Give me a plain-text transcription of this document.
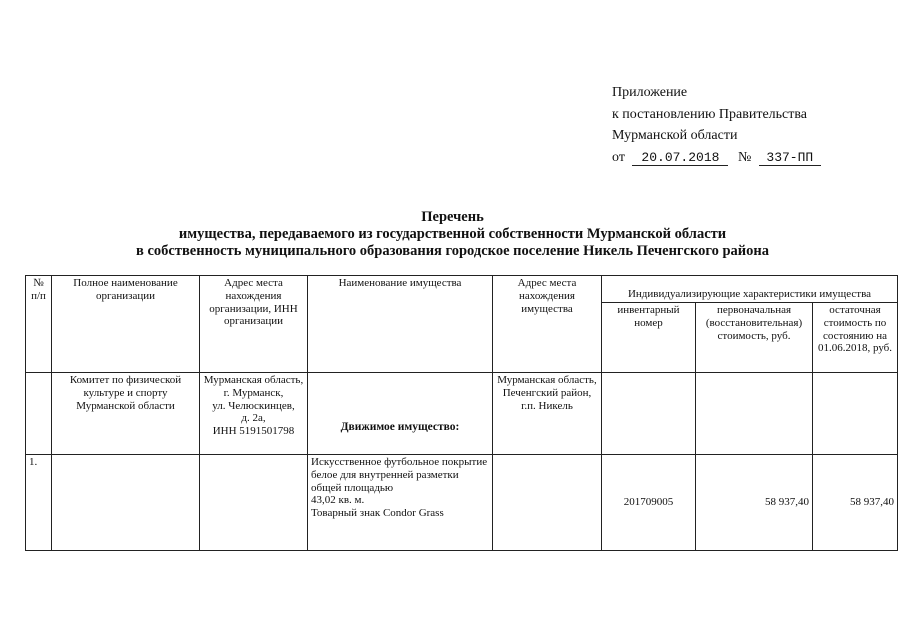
Приложение
к постановлению Правительства
Мурманской области
от 20.07.2018 № 337-ПП
Перечень
имущества, передаваемого из государственной собственности Мурманской области
в собственность муниципального образования городское поселение Никель Печенгского района
№ п/п	Полное наименование организации	Адрес места нахождения организации, ИНН организации	Наименование имущества	Адрес места нахождения имущества	Индивидуализирующие характеристики имущества		
					инвентарный номер	первоначальная (восстановительная) стоимость, руб.	остаточная стоимость по состоянию на 01.06.2018, руб.
	Комитет по физической культуре и спорту Мурманской области	Мурманская область,
г. Мурманск,
ул. Челюскинцев,
д. 2а,
ИНН 5191501798	Движимое имущество:	Мурманская область, Печенгский район, г.п. Никель			
1.			Искусственное футбольное покрытие белое для внутренней разметки общей площадью
43,02 кв. м.
Товарный знак Condor Grass		201709005	58 937,40	58 937,40
